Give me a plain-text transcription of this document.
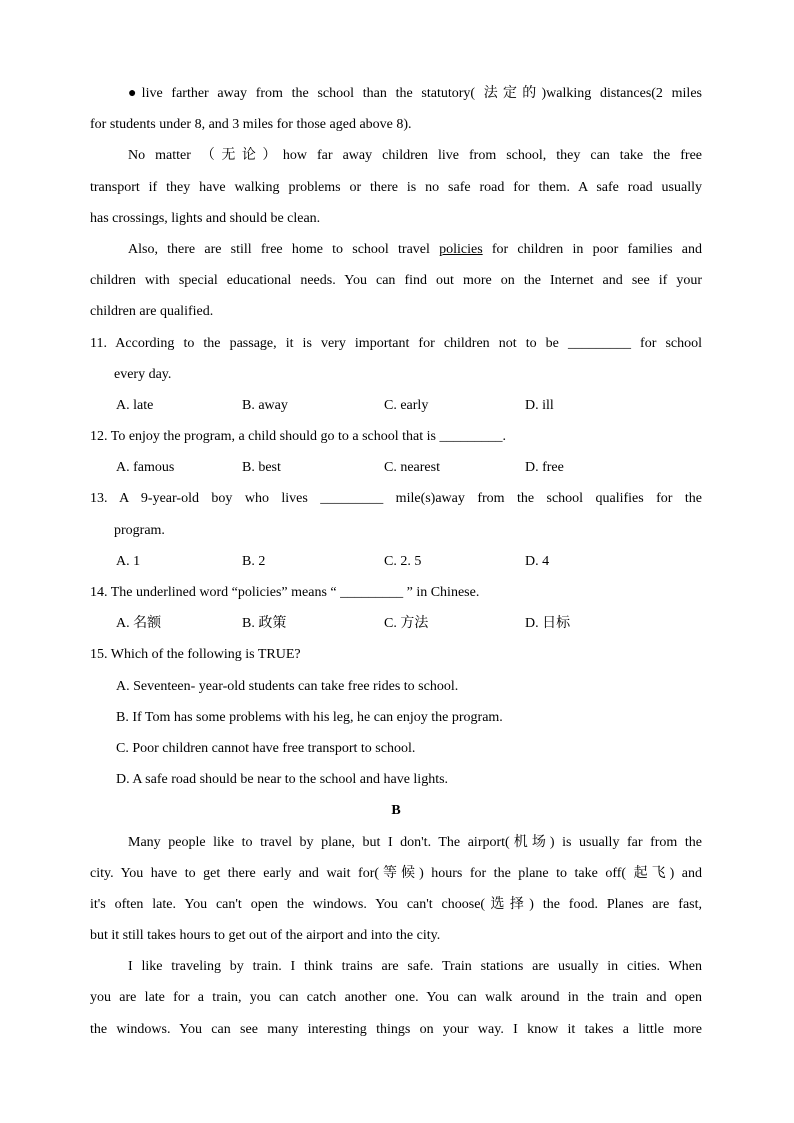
●live farther away from the school than the statutory( 法定的)walking distances(2 miles
for students under 8, and 3 miles for those aged above 8).
No matter （无论）how far away children live from school, they can take the free
transport if they have walking problems or there is no safe road for them. A safe road usually
has crossings, lights and should be clean.
Also, there are still free home to school travel policies for children in poor families and
children with special educational needs. You can find out more on the Internet and see if your
children are qualified.
11. According to the passage, it is very important for children not to be _________ for school
every day.
A. late	B. away	C. early	D. ill
12. To enjoy the program, a child should go to a school that is _________.
A. famous	B. best	C. nearest	D. free
13. A 9-year-old boy who lives _________ mile(s)away from the school qualifies for the
program.
A. 1	B. 2	C. 2. 5	D. 4
14. The underlined word “policies” means “ _________ ” in Chinese.
A. 名额	B. 政策	C. 方法	D. 日标
15. Which of the following is TRUE?
A. Seventeen- year-old students can take free rides to school.
B. If Tom has some problems with his leg, he can enjoy the program.
C. Poor children cannot have free transport to school.
D. A safe road should be near to the school and have lights.
B
Many people like to travel by plane, but I don't. The airport(机场) is usually far from the
city. You have to get there early and wait for(等候) hours for the plane to take off( 起飞) and
it's often late. You can't open the windows. You can't choose(选择) the food. Planes are fast,
but it still takes hours to get out of the airport and into the city.
I like traveling by train. I think trains are safe. Train stations are usually in cities. When
you are late for a train, you can catch another one. You can walk around in the train and open
the windows. You can see many interesting things on your way. I know it takes a little more
